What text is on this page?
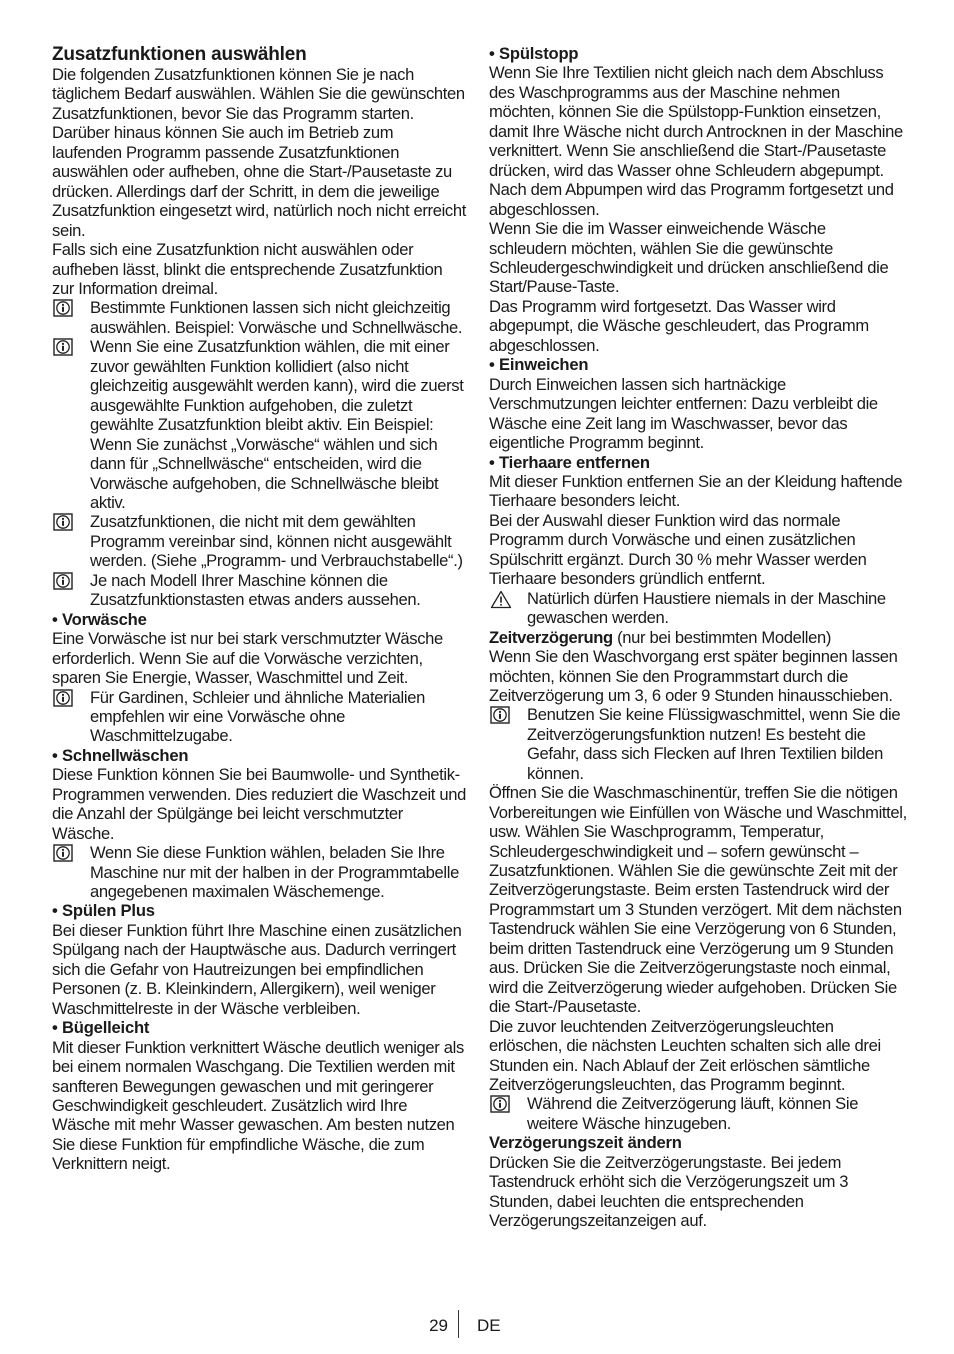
Zusatzfunktionen auswählen

Die folgenden Zusatzfunktionen können Sie je nach täglichem Bedarf auswählen. Wählen Sie die gewünschten Zusatzfunktionen, bevor Sie das Programm starten. Darüber hinaus können Sie auch im Betrieb zum laufenden Programm passende Zusatzfunktionen auswählen oder aufheben, ohne die Start-/Pausetaste zu drücken. Allerdings darf der Schritt, in dem die jeweilige Zusatzfunktion eingesetzt wird, natürlich noch nicht erreicht sein.

Falls sich eine Zusatzfunktion nicht auswählen oder aufheben lässt, blinkt die entsprechende Zusatzfunktion zur Information dreimal.

Bestimmte Funktionen lassen sich nicht gleichzeitig auswählen. Beispiel: Vorwäsche und Schnellwäsche.
Wenn Sie eine Zusatzfunktion wählen, die mit einer zuvor gewählten Funktion kollidiert (also nicht gleichzeitig ausgewählt werden kann), wird die zuerst ausgewählte Funktion aufgehoben, die zuletzt gewählte Zusatzfunktion bleibt aktiv. Ein Beispiel: Wenn Sie zunächst „Vorwäsche“ wählen und sich dann für „Schnellwäsche“ entscheiden, wird die Vorwäsche aufgehoben, die Schnellwäsche bleibt aktiv.
Zusatzfunktionen, die nicht mit dem gewählten Programm vereinbar sind, können nicht ausgewählt werden. (Siehe „Programm- und Verbrauchstabelle“.)
Je nach Modell Ihrer Maschine können die Zusatzfunktionstasten etwas anders aussehen.
• Vorwäsche

Eine Vorwäsche ist nur bei stark verschmutzter Wäsche erforderlich. Wenn Sie auf die Vorwäsche verzichten, sparen Sie Energie, Wasser, Waschmittel und Zeit.

Für Gardinen, Schleier und ähnliche Materialien empfehlen wir eine Vorwäsche ohne Waschmittelzugabe.
• Schnellwäschen

Diese Funktion können Sie bei Baumwolle- und Synthetik-Programmen verwenden. Dies reduziert die Waschzeit und die Anzahl der Spülgänge bei leicht verschmutzter Wäsche.

Wenn Sie diese Funktion wählen, beladen Sie Ihre Maschine nur mit der halben in der Programmtabelle angegebenen maximalen Wäschemenge.
• Spülen Plus

Bei dieser Funktion führt Ihre Maschine einen zusätzlichen Spülgang nach der Hauptwäsche aus. Dadurch verringert sich die Gefahr von Hautreizungen bei empfindlichen Personen (z. B. Kleinkindern, Allergikern), weil weniger Waschmittelreste in der Wäsche verbleiben.

• Bügelleicht

Mit dieser Funktion verknittert Wäsche deutlich weniger als bei einem normalen Waschgang. Die Textilien werden mit sanfteren Bewegungen gewaschen und mit geringerer Geschwindigkeit geschleudert. Zusätzlich wird Ihre Wäsche mit mehr Wasser gewaschen. Am besten nutzen Sie diese Funktion für empfindliche Wäsche, die zum Verknittern neigt.

• Spülstopp

Wenn Sie Ihre Textilien nicht gleich nach dem Abschluss des Waschprogramms aus der Maschine nehmen möchten, können Sie die Spülstopp-Funktion einsetzen, damit Ihre Wäsche nicht durch Antrocknen in der Maschine verknittert. Wenn Sie anschließend die Start-/Pausetaste drücken, wird das Wasser ohne Schleudern abgepumpt. Nach dem Abpumpen wird das Programm fortgesetzt und abgeschlossen.

Wenn Sie die im Wasser einweichende Wäsche schleudern möchten, wählen Sie die gewünschte Schleudergeschwindigkeit und drücken anschließend die Start/Pause-Taste.

Das Programm wird fortgesetzt. Das Wasser wird abgepumpt, die Wäsche geschleudert, das Programm abgeschlossen.

• Einweichen

Durch Einweichen lassen sich hartnäckige Verschmutzungen leichter entfernen: Dazu verbleibt die Wäsche eine Zeit lang im Waschwasser, bevor das eigentliche Programm beginnt.

• Tierhaare entfernen

Mit dieser Funktion entfernen Sie an der Kleidung haftende Tierhaare besonders leicht.

Bei der Auswahl dieser Funktion wird das normale Programm durch Vorwäsche und einen zusätzlichen Spülschritt ergänzt. Durch 30 % mehr Wasser werden Tierhaare besonders gründlich entfernt.

Natürlich dürfen Haustiere niemals in der Maschine gewaschen werden.
Zeitverzögerung (nur bei bestimmten Modellen)

Wenn Sie den Waschvorgang erst später beginnen lassen möchten, können Sie den Programmstart durch die Zeitverzögerung um 3, 6 oder 9 Stunden hinausschieben.

Benutzen Sie keine Flüssigwaschmittel, wenn Sie die Zeitverzögerungsfunktion nutzen! Es besteht die Gefahr, dass sich Flecken auf Ihren Textilien bilden können.

Öffnen Sie die Waschmaschinentür, treffen Sie die nötigen Vorbereitungen wie Einfüllen von Wäsche und Waschmittel, usw. Wählen Sie Waschprogramm, Temperatur, Schleudergeschwindigkeit und – sofern gewünscht – Zusatzfunktionen. Wählen Sie die gewünschte Zeit mit der Zeitverzögerungstaste. Beim ersten Tastendruck wird der Programmstart um 3 Stunden verzögert. Mit dem nächsten Tastendruck wählen Sie eine Verzögerung von 6 Stunden, beim dritten Tastendruck eine Verzögerung um 9 Stunden aus. Drücken Sie die Zeitverzögerungstaste noch einmal, wird die Zeitverzögerung wieder aufgehoben. Drücken Sie die Start-/Pausetaste.

Die zuvor leuchtenden Zeitverzögerungsleuchten erlöschen, die nächsten Leuchten schalten sich alle drei Stunden ein. Nach Ablauf der Zeit erlöschen sämtliche Zeitverzögerungsleuchten, das Programm beginnt.

Während die Zeitverzögerung läuft, können Sie weitere Wäsche hinzugeben.
Verzögerungszeit ändern

Drücken Sie die Zeitverzögerungstaste. Bei jedem Tastendruck erhöht sich die Verzögerungszeit um 3 Stunden, dabei leuchten die entsprechenden Verzögerungszeitanzeigen auf.

29 DE
